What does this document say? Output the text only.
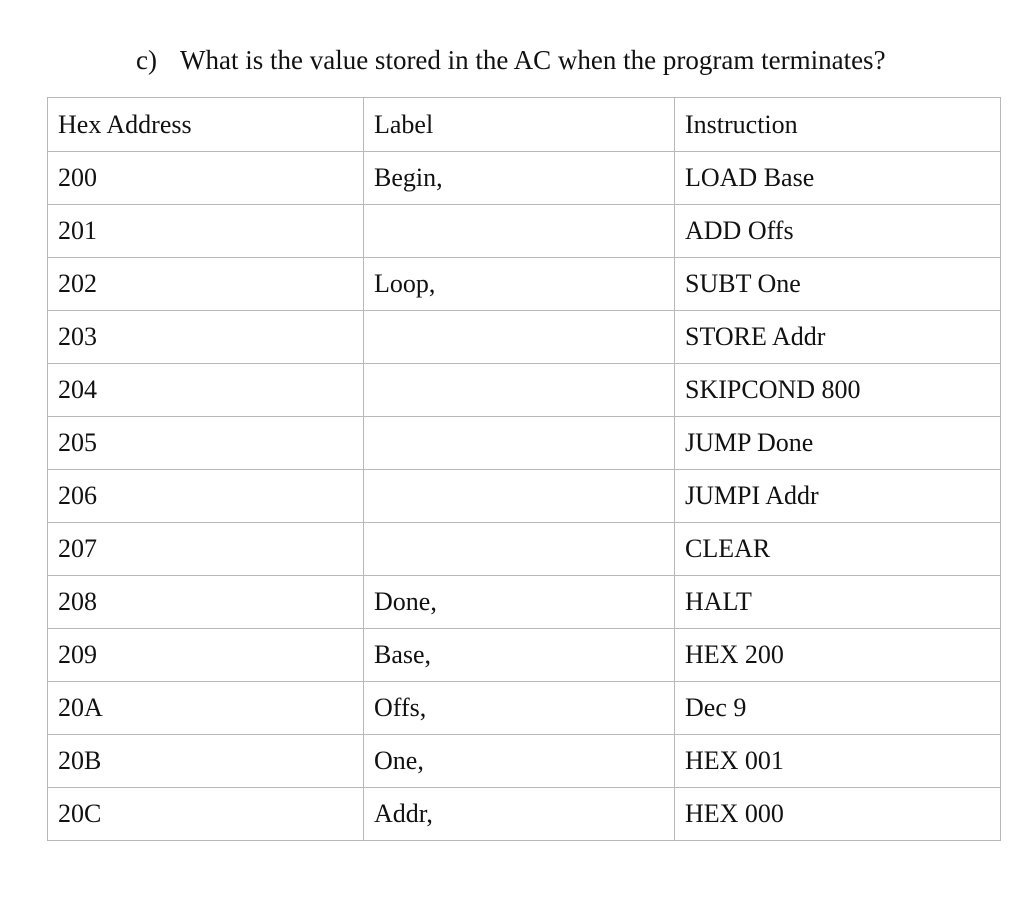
c) What is the value stored in the AC when the program terminates?
Hex Address	Label	Instruction
200	Begin,	LOAD Base
201		ADD Offs
202	Loop,	SUBT One
203		STORE Addr
204		SKIPCOND 800
205		JUMP Done
206		JUMPI Addr
207		CLEAR
208	Done,	HALT
209	Base,	HEX 200
20A	Offs,	Dec 9
20B	One,	HEX 001
20C	Addr,	HEX 000
